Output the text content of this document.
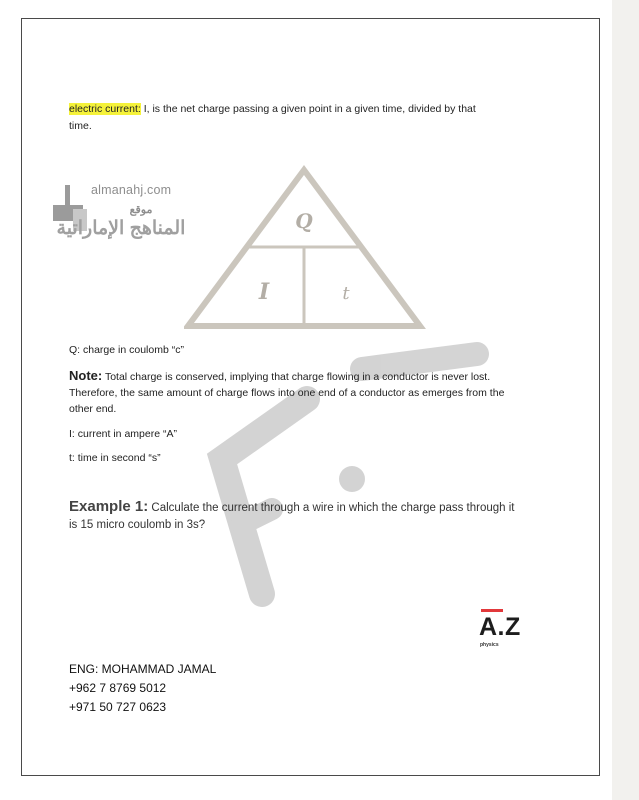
electric current: I, is the net charge passing a given point in a given time, divided by that
time.
almanahj.com
موقع
المناهج الإماراتية	Q
I	t
Q: charge in coulomb “c”
Note: Total charge is conserved, implying that charge flowing in a conductor is never lost.
Therefore, the same amount of charge flows into one end of a conductor as emerges from the
other end.
I: current in ampere “A”
t: time in second “s”
Example 1: Calculate the current through a wire in which the charge pass through it
is 15 micro coulomb in 3s?
A.Z
physics
ENG: MOHAMMAD JAMAL
+962 7 8769 5012
+971 50 727 0623
